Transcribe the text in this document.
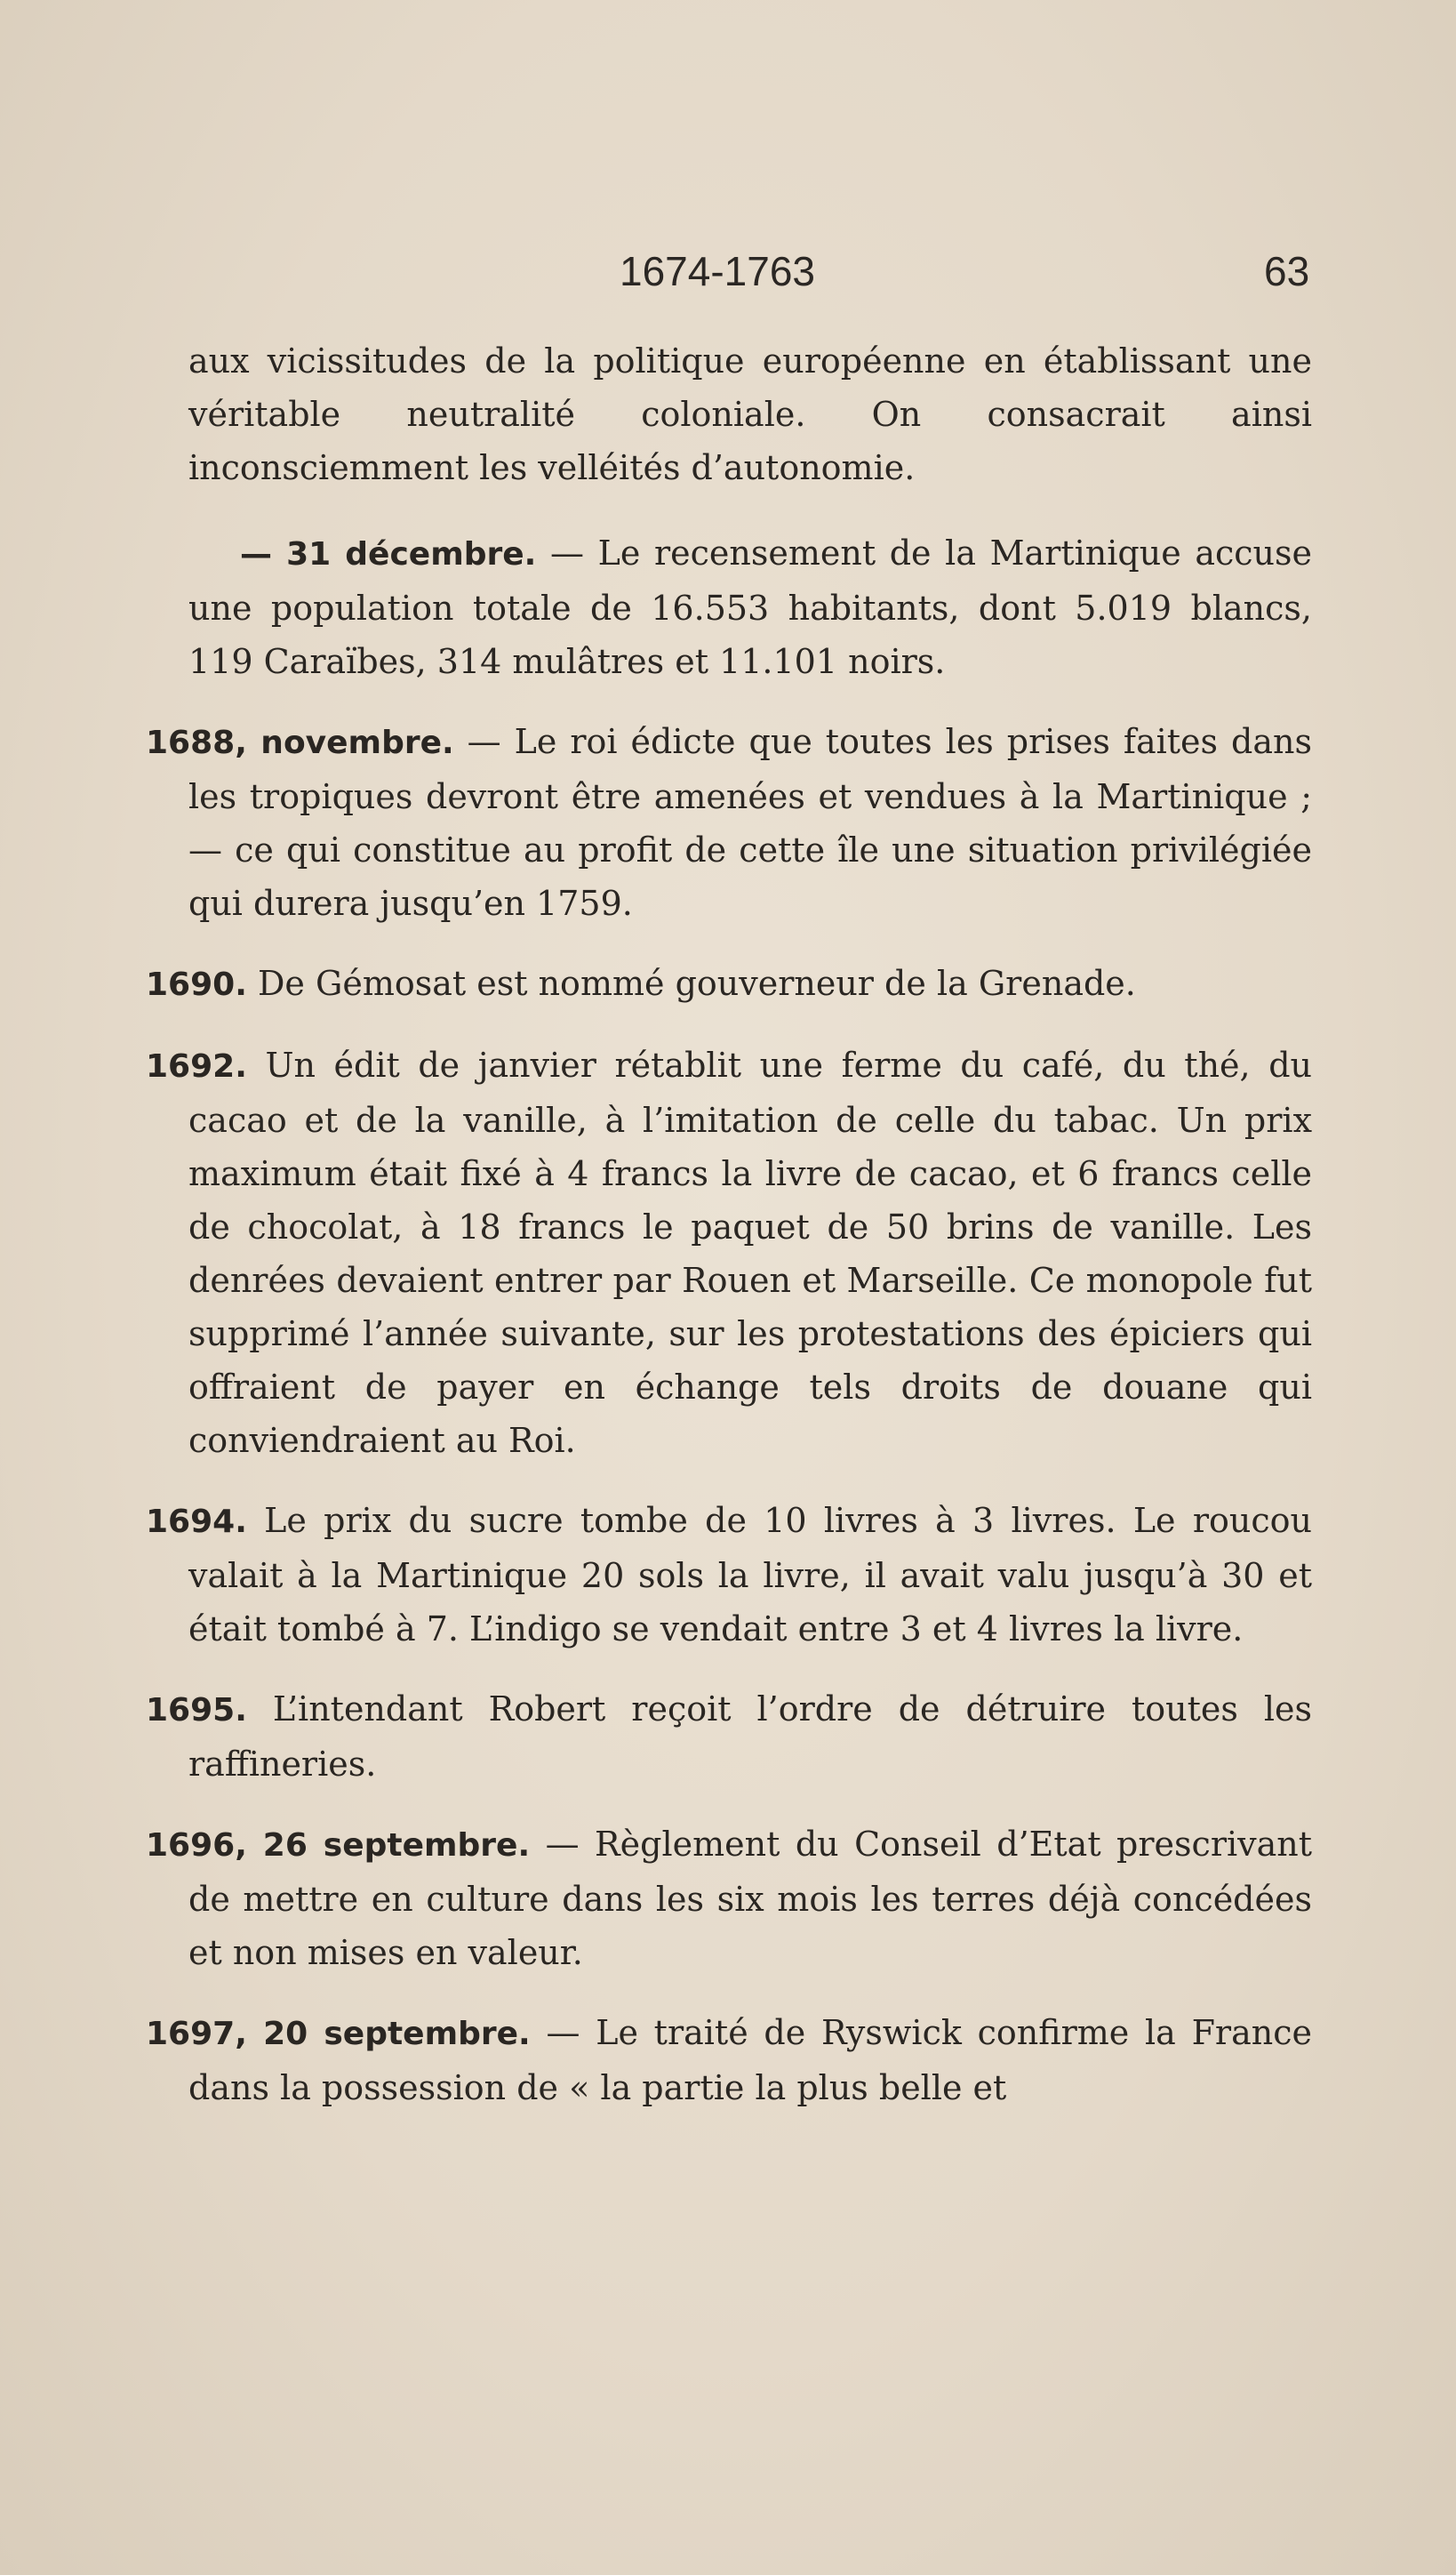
1674-1763	63

aux vicissitudes de la politique européenne en établissant une véritable neutralité coloniale. On consacrait ainsi inconsciemment les velléités d’autonomie.

— 31 décembre. — Le recensement de la Martinique accuse une population totale de 16.553 habitants, dont 5.019 blancs, 119 Caraïbes, 314 mulâtres et 11.101 noirs.

1688, novembre. — Le roi édicte que toutes les prises faites dans les tropiques devront être amenées et vendues à la Martinique ; — ce qui constitue au profit de cette île une situation privilégiée qui durera jusqu’en 1759.

1690. De Gémosat est nommé gouverneur de la Grenade.

1692. Un édit de janvier rétablit une ferme du café, du thé, du cacao et de la vanille, à l’imitation de celle du tabac. Un prix maximum était fixé à 4 francs la livre de cacao, et 6 francs celle de chocolat, à 18 francs le paquet de 50 brins de vanille. Les denrées devaient entrer par Rouen et Marseille. Ce monopole fut supprimé l’année suivante, sur les protestations des épiciers qui offraient de payer en échange tels droits de douane qui conviendraient au Roi.

1694. Le prix du sucre tombe de 10 livres à 3 livres. Le roucou valait à la Martinique 20 sols la livre, il avait valu jusqu’à 30 et était tombé à 7. L’indigo se vendait entre 3 et 4 livres la livre.

1695. L’intendant Robert reçoit l’ordre de détruire toutes les raffineries.

1696, 26 septembre. — Règlement du Conseil d’Etat prescrivant de mettre en culture dans les six mois les terres déjà concédées et non mises en valeur.

1697, 20 septembre. — Le traité de Ryswick confirme la France dans la possession de « la partie la plus belle et
